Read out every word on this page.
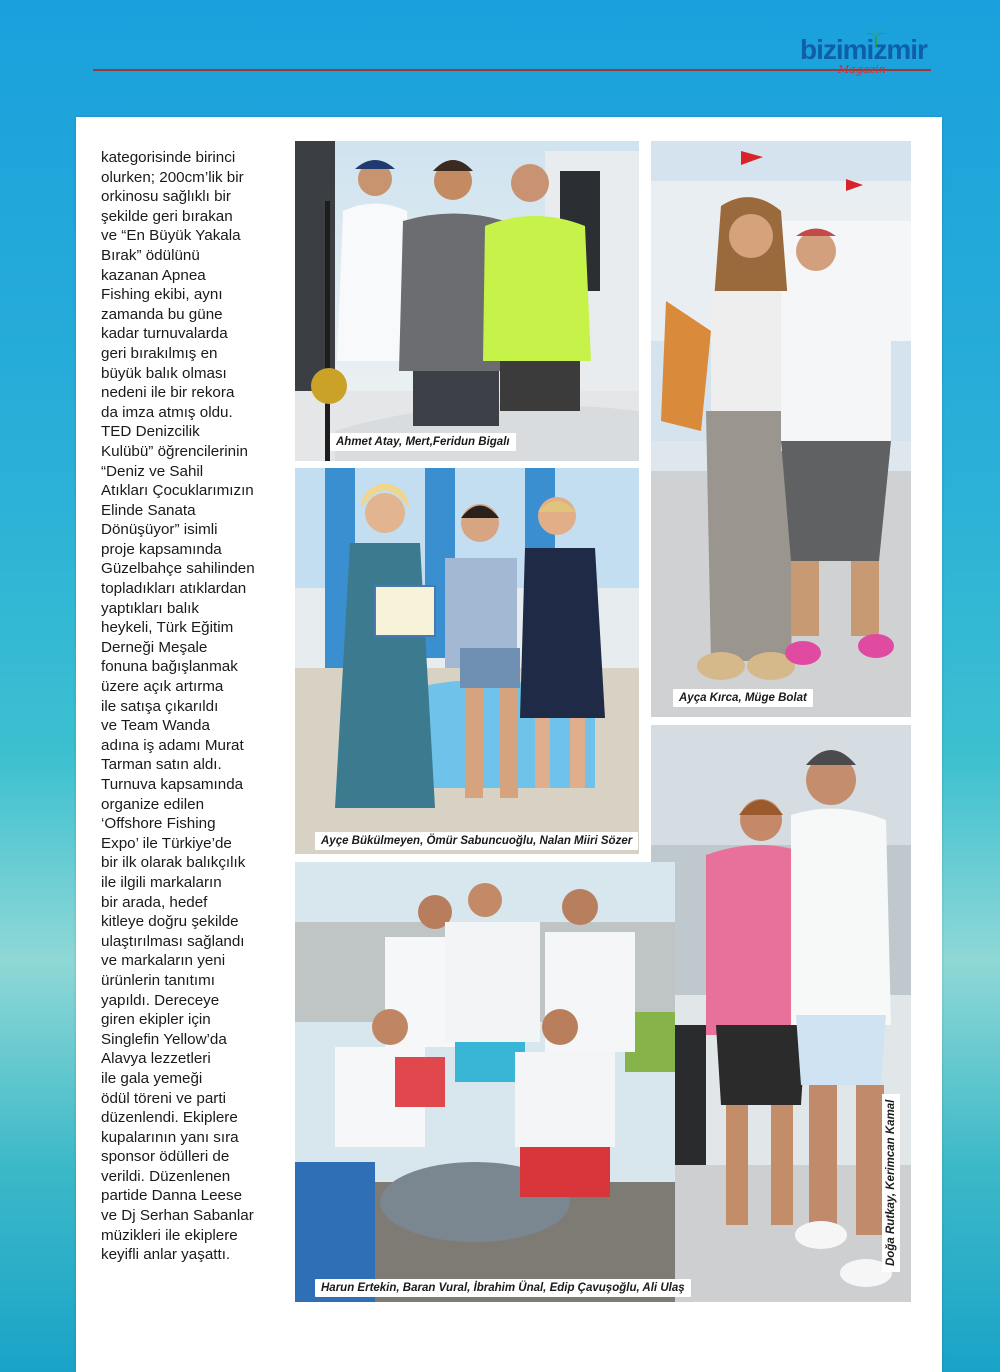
bizimizmir
Magazin

kategorisinde birinci
olurken; 200cm’lik bir
orkinosu sağlıklı bir
şekilde geri bırakan
ve “En Büyük Yakala
Bırak” ödülünü
kazanan Apnea
Fishing ekibi, aynı
zamanda bu güne
kadar turnuvalarda
geri bırakılmış en
büyük balık olması
nedeni ile bir rekora
da imza atmış oldu.
TED Denizcilik
Kulübü” öğrencilerinin
“Deniz ve Sahil
Atıkları Çocuklarımızın
Elinde Sanata
Dönüşüyor” isimli
proje kapsamında
Güzelbahçe sahilinden
topladıkları atıklardan
yaptıkları balık
heykeli, Türk Eğitim
Derneği Meşale
fonuna bağışlanmak
üzere açık artırma
ile satışa çıkarıldı
ve Team Wanda
adına iş adamı Murat
Tarman satın aldı.
Turnuva kapsamında
organize edilen
‘Offshore Fishing
Expo’ ile Türkiye’de
bir ilk olarak balıkçılık
ile ilgili markaların
bir arada, hedef
kitleye doğru şekilde
ulaştırılması sağlandı
ve markaların yeni
ürünlerin tanıtımı
yapıldı. Dereceye
giren ekipler için
Singlefin Yellow’da
Alavya lezzetleri
ile gala yemeği
ödül töreni ve parti
düzenlendi. Ekiplere
kupalarının yanı sıra
sponsor ödülleri de
verildi. Düzenlenen
partide Danna Leese
ve Dj Serhan Sabanlar
müzikleri ile ekiplere
keyifli anlar yaşattı.

Ahmet Atay, Mert,Feridun Bigalı
Ayça Kırca, Müge Bolat
Ayçe Bükülmeyen, Ömür Sabuncuoğlu, Nalan Miiri Sözer
Doğa Rutkay, Kerimcan Kamal
Harun Ertekin, Baran Vural, İbrahim Ünal, Edip Çavuşoğlu, Ali Ulaş
